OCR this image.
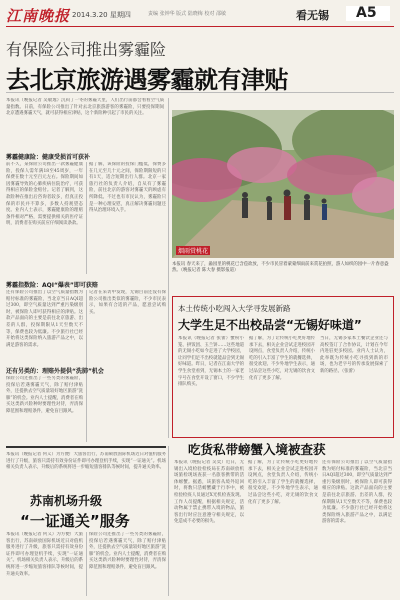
江南晚报 2014.3.20 星期四	责编 张钟华 版式 陆晓梅 校对 邵敏	看无锡 A5
有保险公司推出雾霾险
去北京旅游遇雾霾就有津贴
本报讯（晚报记者 吴敏逸）沉闷了一冬的雾霾天里，人们出行前都会看看空气质量指数。日前，有保险公司推出了针对去北京旅游游客的雾霾险，只要投保期间北京遭遇雾霾天气，就可获得相应津贴，这个新险种引起了市民的关注。
雾霾健康险：健康受损首可获补
前不久，某保险公司推出一款雾霾健康险，投保人需年满18至45周岁，一年保费在数十元至百元左右。保险期间如因雾霾导致的心肺疾病住院治疗，可获得相应的保险金赔付。记者了解到，这款险种在推出后咨询者较多，但真正投保的市民并不算多，多数人持观望态度。业内人士表示，雾霾健康险的理赔条件相对严格，需要提供相关的医疗证明，消费者在购买前应仔细阅读条款。
据了解，该保险的投保门槛低，保费多在几元至几十元之间，保险期限短的只有1天，适合短期出行人群。北京一家旅行社的负责人介绍，自从有了雾霾险，前往北京的游客对雾霾天的顾虑有所降低。不过也有市民认为，雾霾险只是一种心理安慰，真正解决雾霾问题还得从治理环境入手。
雾霾指数险：AQI“爆表”即可获赔
还有保险公司推出了以空气质量指数为赔付标准的雾霾险，当北京当日AQI超过300，即空气质量达到严重污染级别时，被保险人即可获得相应的津贴。这款产品面向的主要是前往北京旅游、出差的人群，投保期限从1天至数天不等，保费也较为低廉。不少旅行社已经开始将这类保险纳入旅游产品之中，以满足游客的需求。
记者在采访中发现，无锡目前还没有保险公司推出类似的雾霾险，不少市民表示，如果有合适的产品，愿意尝试购买。
还有另类的：理赔外提供“洗肺”机会
保险公司还推出了一些另类的雾霾险，投保后若遇雾霾天气，除了赔付津贴外，还提供去空气质量较好地区旅游“洗肺”的机会。业内人士提醒，消费者在购买这类新兴险种时要理性对待，弄清保障范围和理赔条件，避免盲目跟风。
烟雨赏桃花
本报讯 春天来了，蠡园里的桃花已含苞欲放，不少市民冒着蒙蒙细雨前来赏花拍照，游人如织的园中一片春意盎然。（晚报记者 陈大春 摄影报道）
本土传统小吃闯入大学寻发展新路
大学生足不出校品尝“无锡好味道”
本报讯（晚报记者 张蕾）蟹粉小笼、拱饭团、玉兰饼……这些地道的无锡小吃如今走进了大学校园，让同学们足不出校就能品尝到无锡好味道。昨日，记者在江南大学的学生食堂看到，无锡本土的一家老字号在食堂开设了窗口，不少学生排队购买。
据了解，为了让传统小吃更好地传承下去，相关企业尝试走进校园开设网点，食堂负责人介绍，传统小吃的引入丰富了学生的就餐选择，很受欢迎。不少外地学生表示，通过品尝这些小吃，对无锡的饮食文化有了更多了解。
当日，无锡多家本土餐饮企业还与高校签订了合作协议，计划在今年内进驻更多校园。业内人士认为，此举既为传统小吃寻找到新的市场，也为老字号的传承发展探索了新的路径。（张蕾）
本报讯（晚报记者 何义）为方便广大旅客出行，苏南硕放国际机场近日对值机服务进行了升级，旅客只需持有效身份证件即可办理登机手续，实现“一证通关”。机场相关负责人表示，升级后的系统将进一步缩短旅客排队等候时间，提升通关效率。
苏南机场升级
“一证通关”服务
本报讯（晚报记者 何义）为方便广大旅客出行，苏南硕放国际机场近日对值机服务进行了升级，旅客只需持有效身份证件即可办理登机手续，实现“一证通关”。机场相关负责人表示，升级后的系统将进一步缩短旅客排队等候时间，提升通关效率。
保险公司还推出了一些另类的雾霾险，投保后若遇雾霾天气，除了赔付津贴外，还提供去空气质量较好地区旅游“洗肺”的机会。业内人士提醒，消费者在购买这类新兴险种时要理性对待，弄清保障范围和理赔条件，避免盲目跟风。
吃货私带螃蟹入境被查获
本报讯（晚报记者 吴奕）近日，无锡出入境检验检疫局在苏南硕放机场旅检现场查获一名旅客携带的活体螃蟹。据悉，该旅客从境外返回时，将数只活螃蟹藏于行李中，被检验检疫人员通过X光机检查发现。工作人员提醒，根据相关规定，活动物属于禁止携带入境的物品，旅客出行时应注意遵守相关规定，以免造成不必要的损失。
据了解，为了让传统小吃更好地传承下去，相关企业尝试走进校园开设网点，食堂负责人介绍，传统小吃的引入丰富了学生的就餐选择，很受欢迎。不少外地学生表示，通过品尝这些小吃，对无锡的饮食文化有了更多了解。
还有保险公司推出了以空气质量指数为赔付标准的雾霾险，当北京当日AQI超过300，即空气质量达到严重污染级别时，被保险人即可获得相应的津贴。这款产品面向的主要是前往北京旅游、出差的人群，投保期限从1天至数天不等，保费也较为低廉。不少旅行社已经开始将这类保险纳入旅游产品之中，以满足游客的需求。
